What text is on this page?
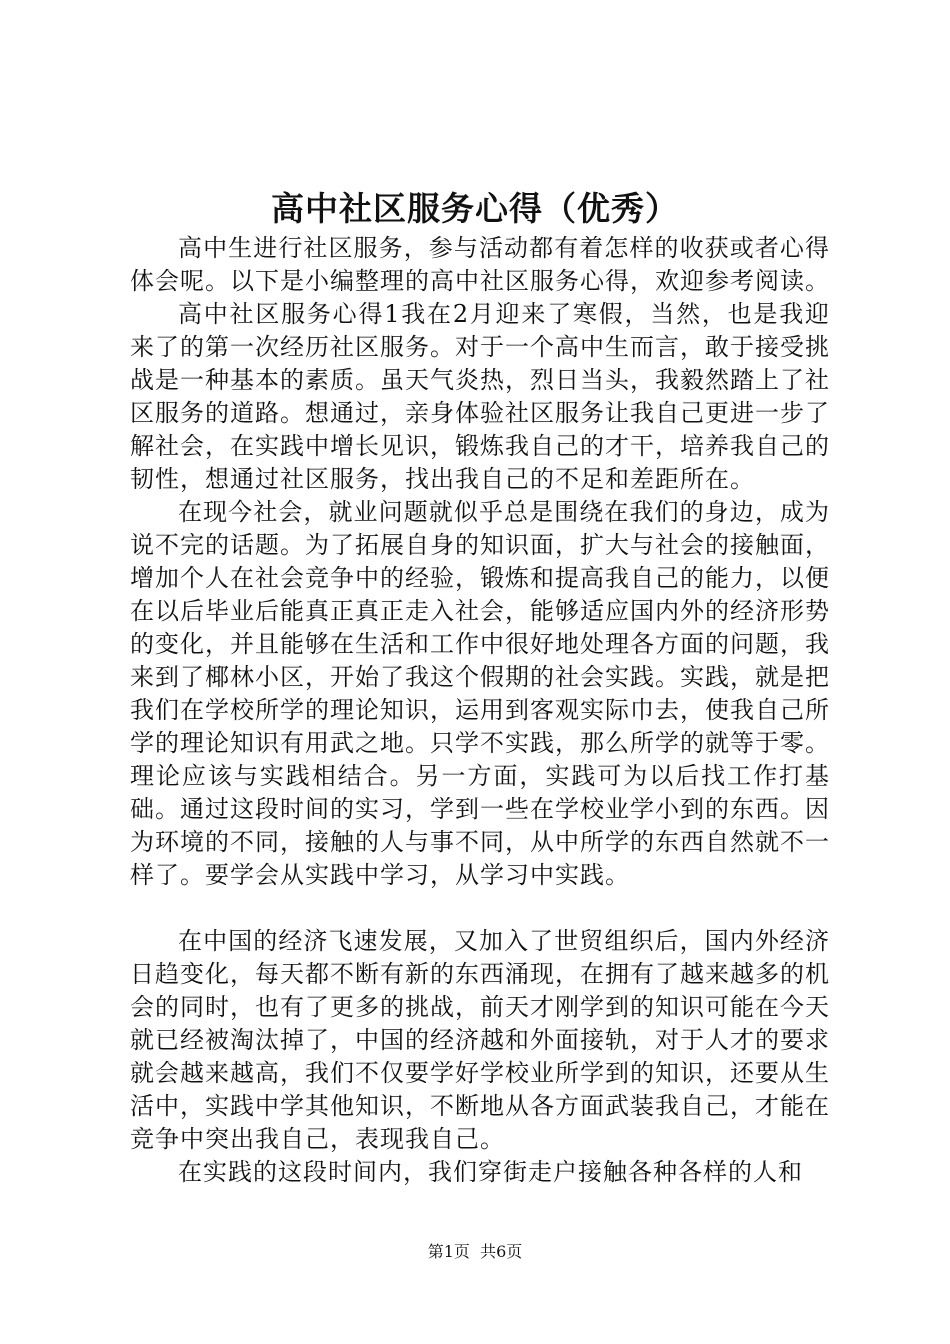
高中社区服务心得（优秀）

高中生进行社区服务，参与活动都有着怎样的收获或者心得体会呢。以下是小编整理的高中社区服务心得，欢迎参考阅读。

高中社区服务心得1我在2月迎来了寒假，当然，也是我迎来了的第一次经历社区服务。对于一个高中生而言，敢于接受挑战是一种基本的素质。虽天气炎热，烈日当头，我毅然踏上了社区服务的道路。想通过，亲身体验社区服务让我自己更进一步了解社会，在实践中增长见识，锻炼我自己的才干，培养我自己的韧性，想通过社区服务，找出我自己的不足和差距所在。

在现今社会，就业问题就似乎总是围绕在我们的身边，成为说不完的话题。为了拓展自身的知识面，扩大与社会的接触面，增加个人在社会竞争中的经验，锻炼和提高我自己的能力，以便在以后毕业后能真正真正走入社会，能够适应国内外的经济形势的变化，并且能够在生活和工作中很好地处理各方面的问题，我来到了椰林小区，开始了我这个假期的社会实践。实践，就是把我们在学校所学的理论知识，运用到客观实际巾去，使我自己所学的理论知识有用武之地。只学不实践，那么所学的就等于零。理论应该与实践相结合。另一方面，实践可为以后找工作打基础。通过这段时间的实习，学到一些在学校业学小到的东西。因为环境的不同，接触的人与事不同，从中所学的东西自然就不一样了。要学会从实践中学习，从学习中实践。

在中国的经济飞速发展，又加入了世贸组织后，国内外经济日趋变化，每天都不断有新的东西涌现，在拥有了越来越多的机会的同时，也有了更多的挑战，前天才刚学到的知识可能在今天就已经被淘汰掉了，中国的经济越和外面接轨，对于人才的要求就会越来越高，我们不仅要学好学校业所学到的知识，还要从生活中，实践中学其他知识，不断地从各方面武装我自己，才能在竞争中突出我自己，表现我自己。

在实践的这段时间内，我们穿街走户接触各种各样的人和

第1页  共6页
